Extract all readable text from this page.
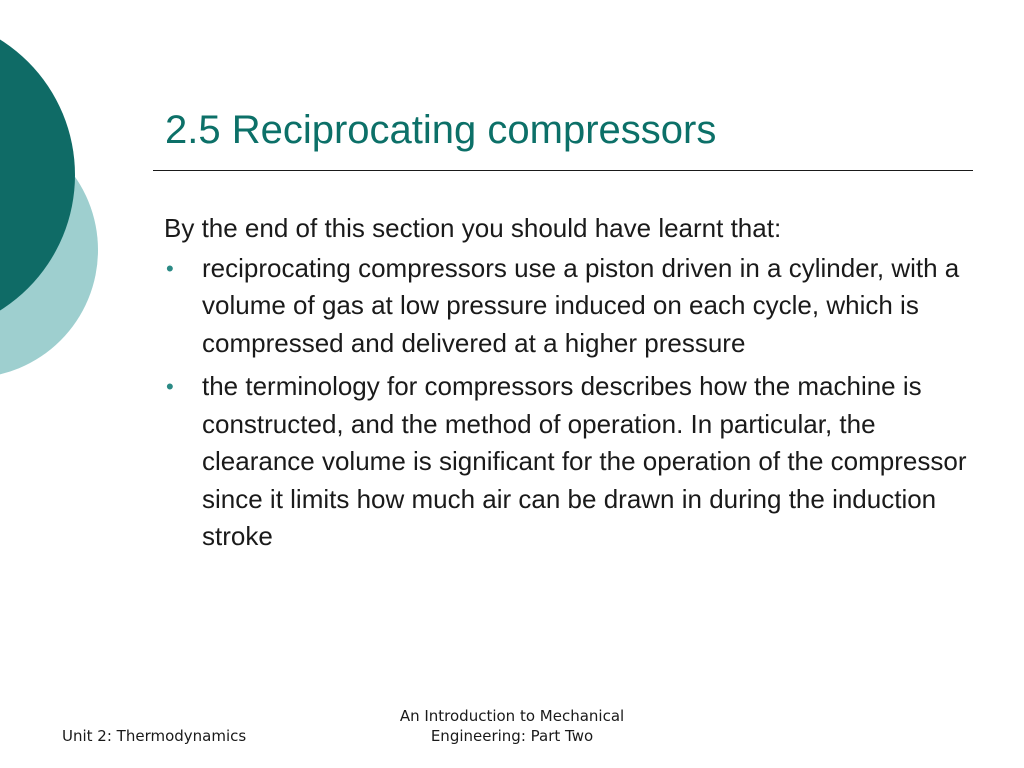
2.5 Reciprocating compressors

By the end of this section you should have learnt that:

• reciprocating compressors use a piston driven in a cylinder, with a volume of gas at low pressure induced on each cycle, which is compressed and delivered at a higher pressure
• the terminology for compressors describes how the machine is constructed, and the method of operation. In particular, the clearance volume is significant for the operation of the compressor since it limits how much air can be drawn in during the induction stroke
Unit 2: Thermodynamics
An Introduction to Mechanical
Engineering: Part Two
